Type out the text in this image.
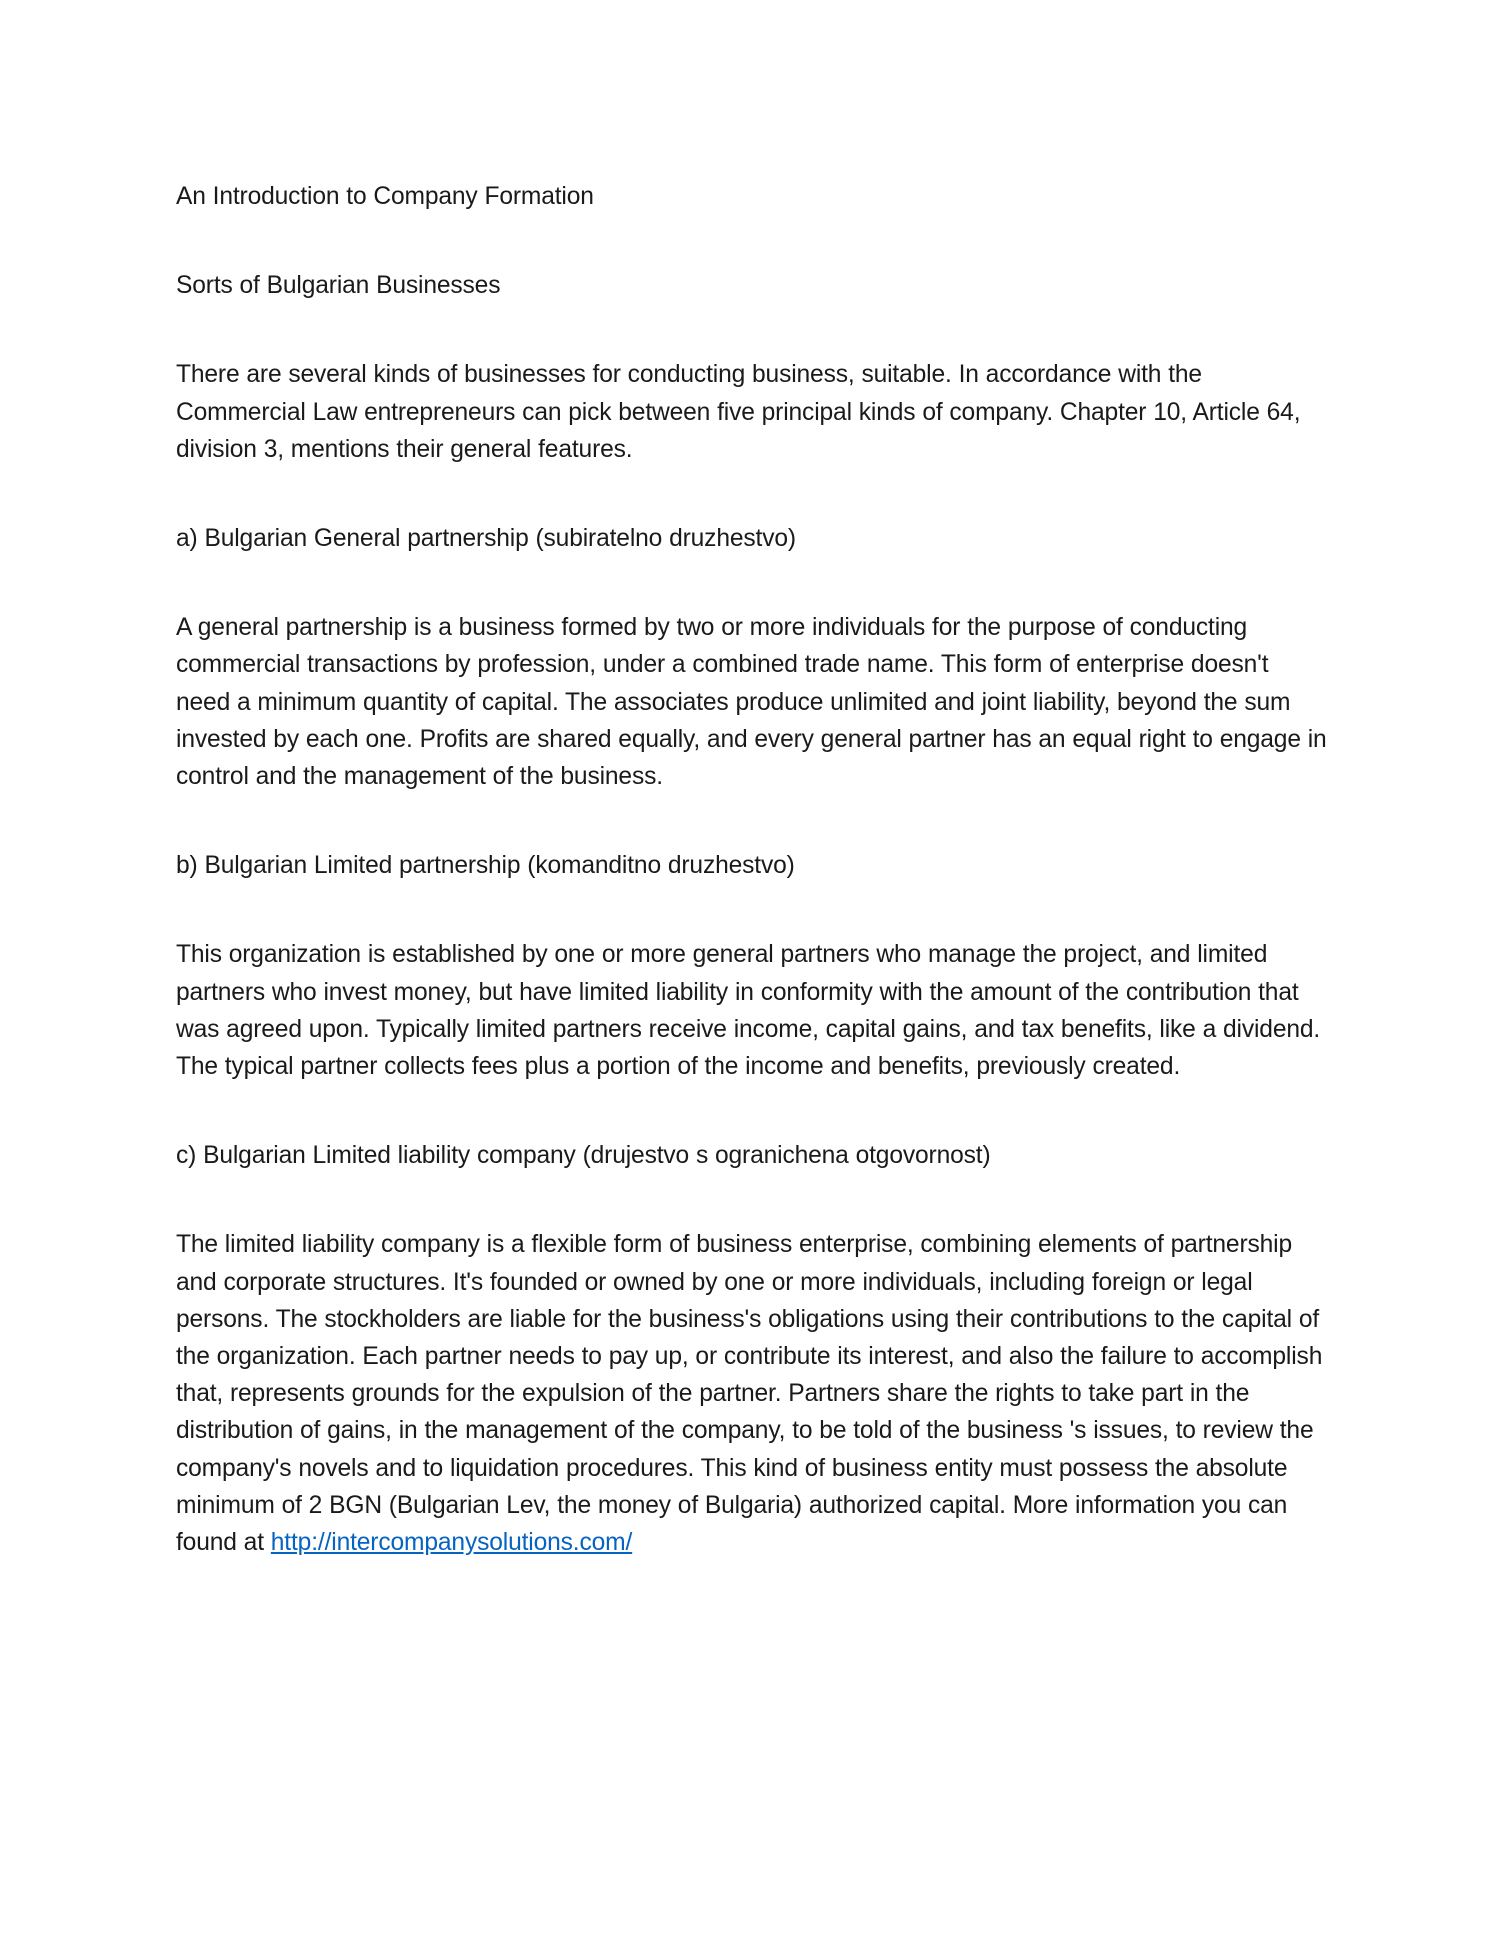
An Introduction to Company Formation

Sorts of Bulgarian Businesses

There are several kinds of businesses for conducting business, suitable. In accordance with the Commercial Law entrepreneurs can pick between five principal kinds of company. Chapter 10, Article 64, division 3, mentions their general features.

a) Bulgarian General partnership (subiratelno druzhestvo)

A general partnership is a business formed by two or more individuals for the purpose of conducting commercial transactions by profession, under a combined trade name. This form of enterprise doesn't need a minimum quantity of capital. The associates produce unlimited and joint liability, beyond the sum invested by each one. Profits are shared equally, and every general partner has an equal right to engage in control and the management of the business.

b) Bulgarian Limited partnership (komanditno druzhestvo)

This organization is established by one or more general partners who manage the project, and limited partners who invest money, but have limited liability in conformity with the amount of the contribution that was agreed upon. Typically limited partners receive income, capital gains, and tax benefits, like a dividend. The typical partner collects fees plus a portion of the income and benefits, previously created.

c) Bulgarian Limited liability company (drujestvo s ogranichena otgovornost)

The limited liability company is a flexible form of business enterprise, combining elements of partnership and corporate structures. It's founded or owned by one or more individuals, including foreign or legal persons. The stockholders are liable for the business's obligations using their contributions to the capital of the organization. Each partner needs to pay up, or contribute its interest, and also the failure to accomplish that, represents grounds for the expulsion of the partner. Partners share the rights to take part in the distribution of gains, in the management of the company, to be told of the business 's issues, to review the company's novels and to liquidation procedures. This kind of business entity must possess the absolute minimum of 2 BGN (Bulgarian Lev, the money of Bulgaria) authorized capital. More information you can found at http://intercompanysolutions.com/
